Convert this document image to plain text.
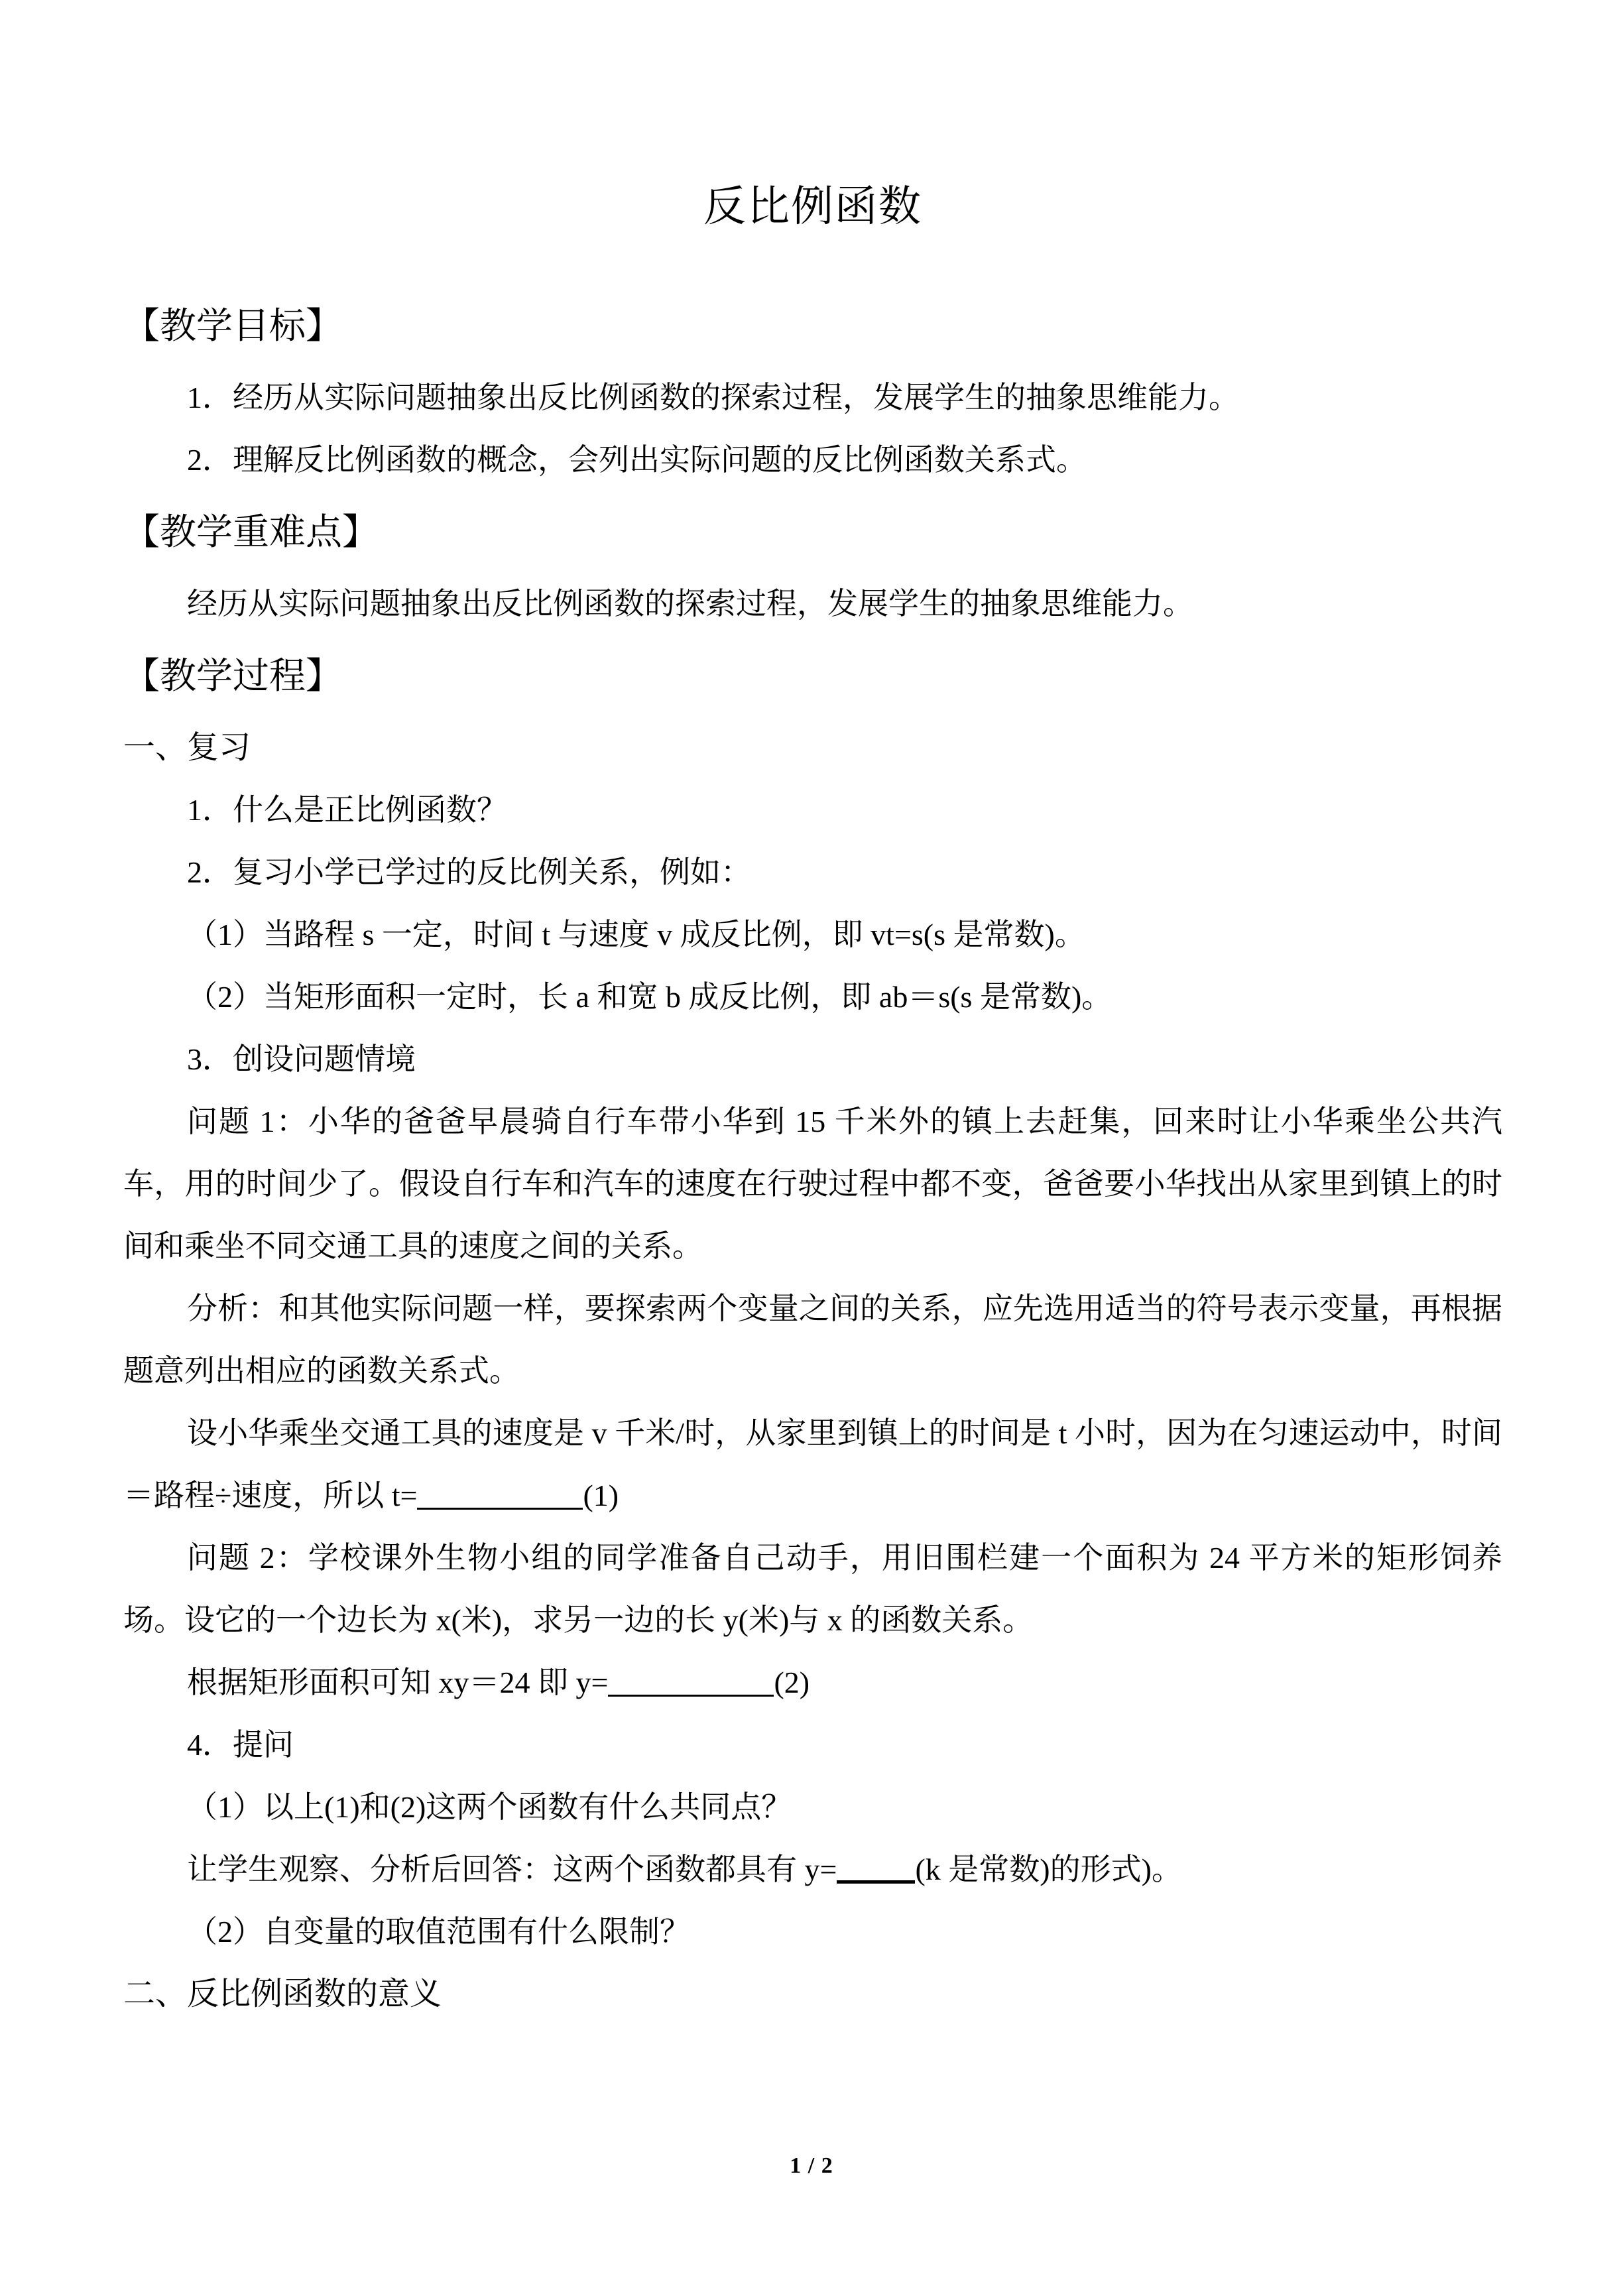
反比例函数
【教学目标】

1．经历从实际问题抽象出反比例函数的探索过程，发展学生的抽象思维能力。

2．理解反比例函数的概念，会列出实际问题的反比例函数关系式。

【教学重难点】

经历从实际问题抽象出反比例函数的探索过程，发展学生的抽象思维能力。

【教学过程】

一、复习

1．什么是正比例函数？

2．复习小学已学过的反比例关系，例如：

（1）当路程 s 一定，时间 t 与速度 v 成反比例，即 vt=s(s 是常数)。

（2）当矩形面积一定时，长 a 和宽 b 成反比例，即 ab＝s(s 是常数)。

3．创设问题情境

问题 1：小华的爸爸早晨骑自行车带小华到 15 千米外的镇上去赶集，回来时让小华乘坐公共汽车，用的时间少了。假设自行车和汽车的速度在行驶过程中都不变，爸爸要小华找出从家里到镇上的时间和乘坐不同交通工具的速度之间的关系。

分析：和其他实际问题一样，要探索两个变量之间的关系，应先选用适当的符号表示变量，再根据题意列出相应的函数关系式。

设小华乘坐交通工具的速度是 v 千米/时，从家里到镇上的时间是 t 小时，因为在匀速运动中，时间＝路程÷速度，所以 t=	(1)

问题 2：学校课外生物小组的同学准备自己动手，用旧围栏建一个面积为 24 平方米的矩形饲养场。设它的一个边长为 x(米)，求另一边的长 y(米)与 x 的函数关系。

根据矩形面积可知 xy＝24 即 y=	(2)

4．提问

（1）以上(1)和(2)这两个函数有什么共同点？

让学生观察、分析后回答：这两个函数都具有 y=	(k 是常数)的形式)。

（2）自变量的取值范围有什么限制？

二、反比例函数的意义

1 / 2
